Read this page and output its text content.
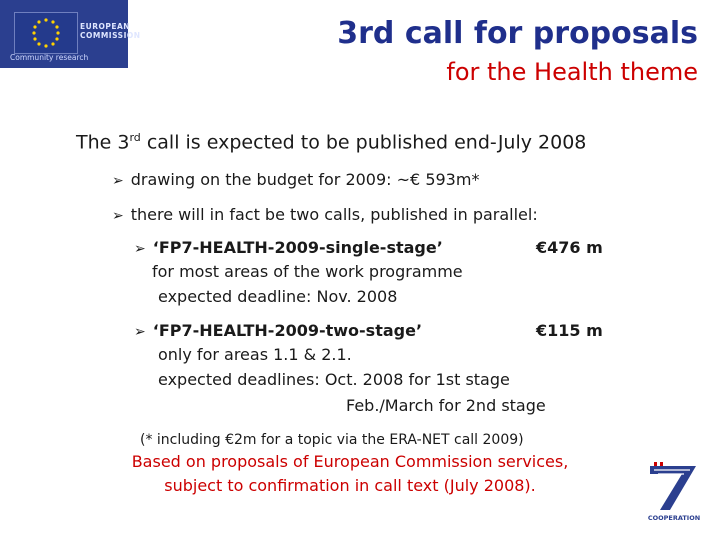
EUROPEAN
COMMISSION
Community research
3rd call for proposals
for the Health theme
The 3rd call is expected to be published end-July 2008
➢ drawing on the budget for 2009: ~€ 593m*
➢ there will in fact be two calls, published in parallel:
➢ ‘FP7-HEALTH-2009-single-stage’	€476 m
for most areas of the work programme
expected deadline: Nov. 2008
➢ ‘FP7-HEALTH-2009-two-stage’	€115 m
only for areas 1.1 & 2.1.
expected deadlines: Oct. 2008 for 1st stage
Feb./March for 2nd stage
(* including €2m for a topic via the ERA-NET call 2009)
Based on proposals of European Commission services,
subject to confirmation in call text (July 2008).
COOPERATION
